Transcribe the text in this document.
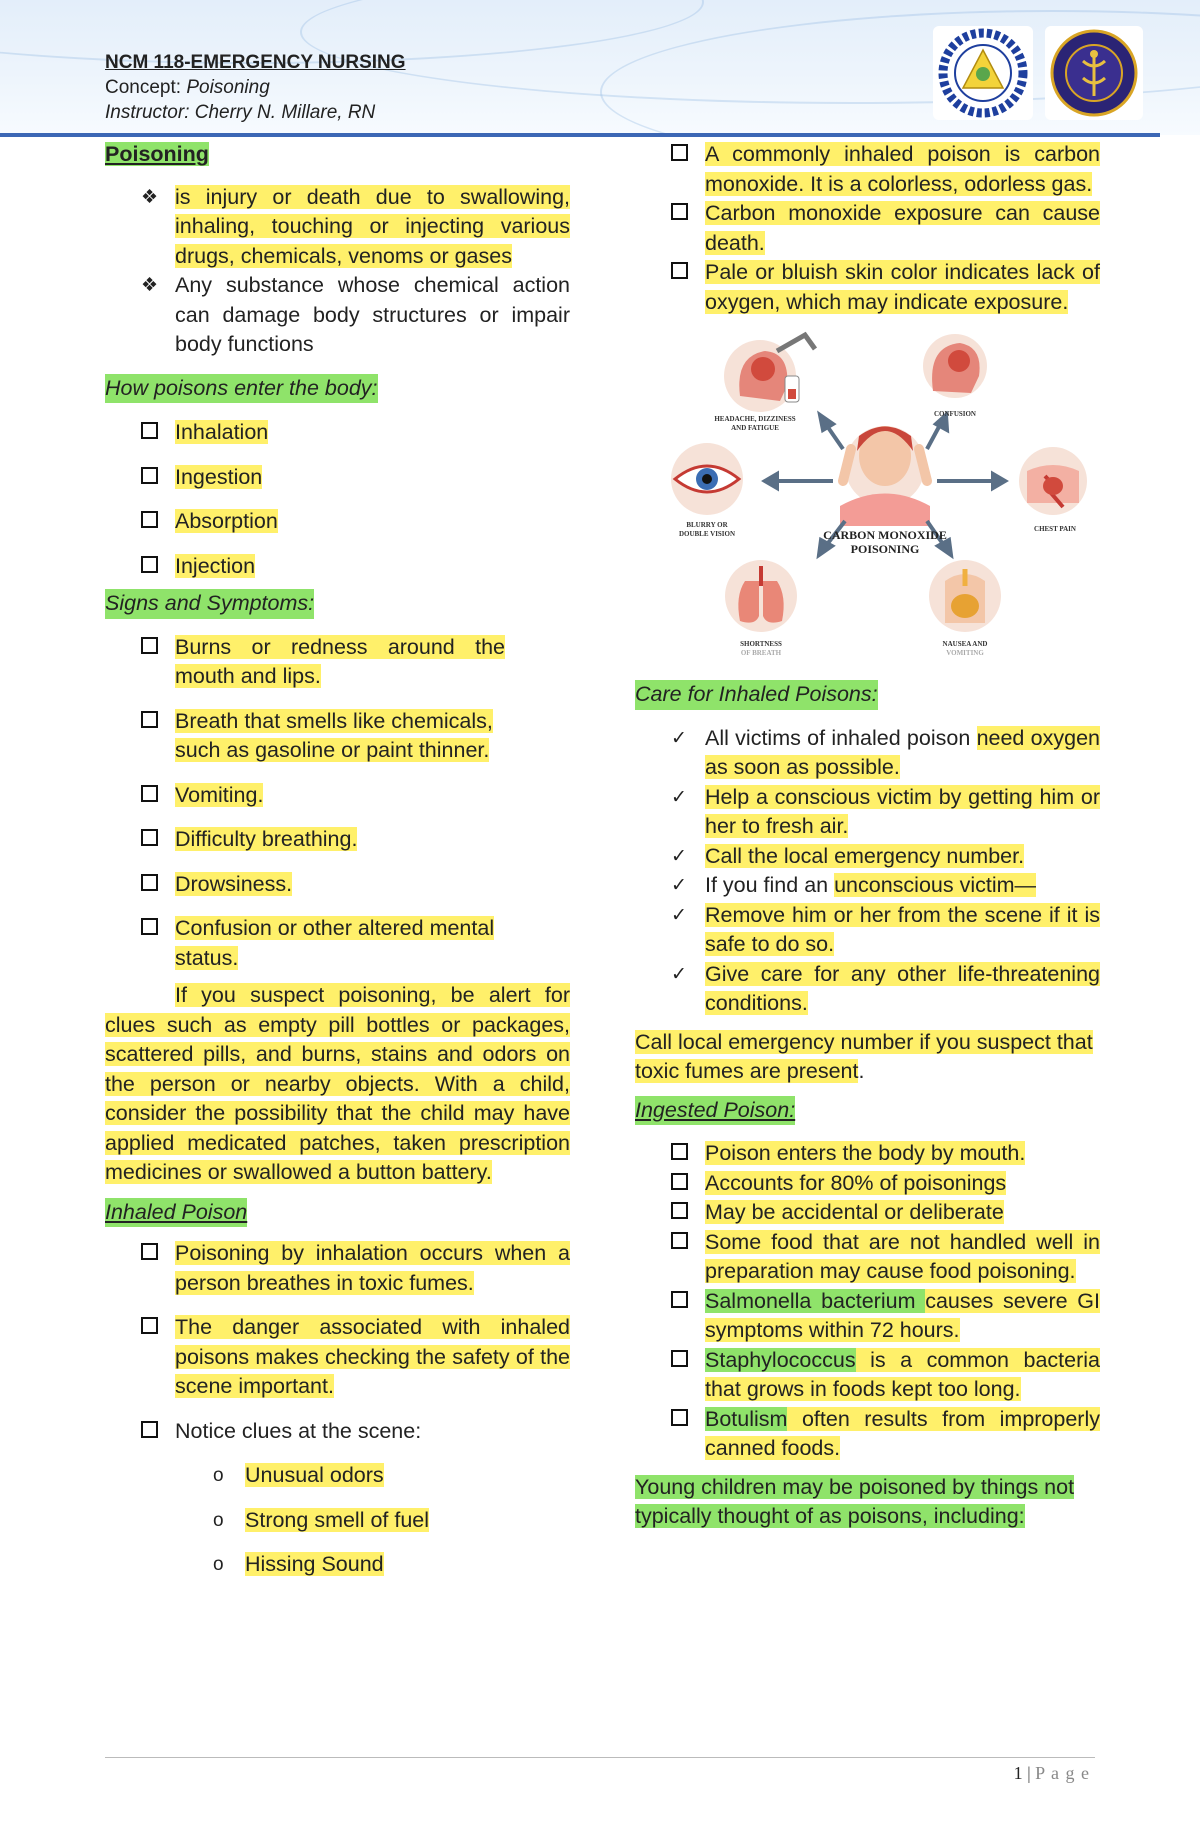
NCM 118-EMERGENCY NURSING
Concept: Poisoning
Instructor: Cherry N. Millare, RN

Poisoning

❖ is injury or death due to swallowing, inhaling, touching or injecting various drugs, chemicals, venoms or gases
❖ Any substance whose chemical action can damage body structures or impair body functions

How poisons enter the body:

Inhalation
Ingestion
Absorption
Injection

Signs and Symptoms:

Burns or redness around the mouth and lips.
Breath that smells like chemicals, such as gasoline or paint thinner.
Vomiting.
Difficulty breathing.
Drowsiness.
Confusion or other altered mental status.

If you suspect poisoning, be alert for clues such as empty pill bottles or packages, scattered pills, and burns, stains and odors on the person or nearby objects. With a child, consider the possibility that the child may have applied medicated patches, taken prescription medicines or swallowed a button battery.

Inhaled Poison

Poisoning by inhalation occurs when a person breathes in toxic fumes.
The danger associated with inhaled poisons makes checking the safety of the scene important.
Notice clues at the scene:
o Unusual odors
o Strong smell of fuel
o Hissing Sound
A commonly inhaled poison is carbon monoxide. It is a colorless, odorless gas.
Carbon monoxide exposure can cause death.
Pale or bluish skin color indicates lack of oxygen, which may indicate exposure.
HEADACHE, DIZZINESS
AND FATIGUE
CONFUSION
BLURRY OR
DOUBLE VISION
CHEST PAIN
CARBON MONOXIDE
POISONING
SHORTNESS
OF BREATH
NAUSEA AND
VOMITING

Care for Inhaled Poisons:

✓ All victims of inhaled poison need oxygen as soon as possible.
✓ Help a conscious victim by getting him or her to fresh air.
✓ Call the local emergency number.
✓ If you find an unconscious victim—
✓ Remove him or her from the scene if it is safe to do so.
✓ Give care for any other life-threatening conditions.

Call local emergency number if you suspect that toxic fumes are present.

Ingested Poison:

Poison enters the body by mouth.
Accounts for 80% of poisonings
May be accidental or deliberate
Some food that are not handled well in preparation may cause food poisoning.
Salmonella bacterium causes severe GI symptoms within 72 hours.
Staphylococcus is a common bacteria that grows in foods kept too long.
Botulism often results from improperly canned foods.

Young children may be poisoned by things not typically thought of as poisons, including:

1 | P a g e
